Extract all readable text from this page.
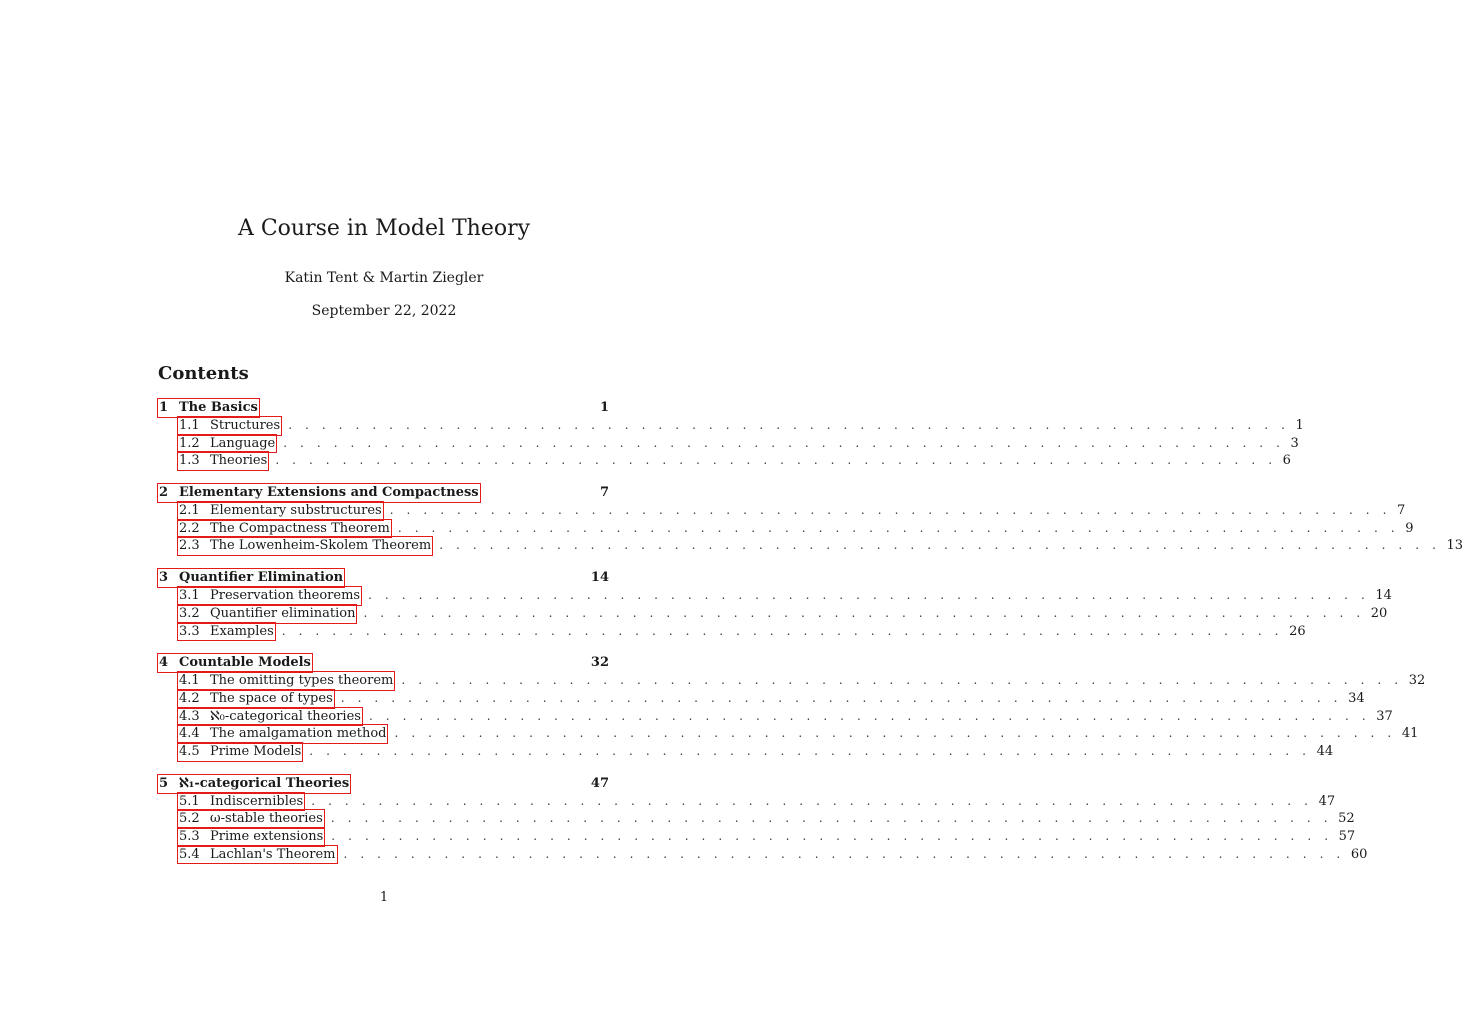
A Course in Model Theory
Katin Tent & Martin Ziegler
September 22, 2022
Contents
1 The Basics	1
1.1 Structures . . . . . . . . . . . . . . . . . . . . . . . . . . . . . . . . . . . . . . . . . . . . . . . . . . . . . . . . . . . . 1
1.2 Language . . . . . . . . . . . . . . . . . . . . . . . . . . . . . . . . . . . . . . . . . . . . . . . . . . . . . . . . . . . . 3
1.3 Theories . . . . . . . . . . . . . . . . . . . . . . . . . . . . . . . . . . . . . . . . . . . . . . . . . . . . . . . . . . . . 6
2 Elementary Extensions and Compactness	7
2.1 Elementary substructures . . . . . . . . . . . . . . . . . . . . . . . . . . . . . . . . . . . . . . . . . . . . . . . . . . . . . . . . . . . . 7
2.2 The Compactness Theorem . . . . . . . . . . . . . . . . . . . . . . . . . . . . . . . . . . . . . . . . . . . . . . . . . . . . . . . . . . . . 9
2.3 The Lowenheim-Skolem Theorem . . . . . . . . . . . . . . . . . . . . . . . . . . . . . . . . . . . . . . . . . . . . . . . . . . . . . . . . . . . . 13
3 Quantifier Elimination	14
3.1 Preservation theorems . . . . . . . . . . . . . . . . . . . . . . . . . . . . . . . . . . . . . . . . . . . . . . . . . . . . . . . . . . . . 14
3.2 Quantifier elimination . . . . . . . . . . . . . . . . . . . . . . . . . . . . . . . . . . . . . . . . . . . . . . . . . . . . . . . . . . . . 20
3.3 Examples . . . . . . . . . . . . . . . . . . . . . . . . . . . . . . . . . . . . . . . . . . . . . . . . . . . . . . . . . . . . 26
4 Countable Models	32
4.1 The omitting types theorem . . . . . . . . . . . . . . . . . . . . . . . . . . . . . . . . . . . . . . . . . . . . . . . . . . . . . . . . . . . . 32
4.2 The space of types . . . . . . . . . . . . . . . . . . . . . . . . . . . . . . . . . . . . . . . . . . . . . . . . . . . . . . . . . . . . 34
4.3 ℵ₀-categorical theories . . . . . . . . . . . . . . . . . . . . . . . . . . . . . . . . . . . . . . . . . . . . . . . . . . . . . . . . . . . . 37
4.4 The amalgamation method . . . . . . . . . . . . . . . . . . . . . . . . . . . . . . . . . . . . . . . . . . . . . . . . . . . . . . . . . . . . 41
4.5 Prime Models . . . . . . . . . . . . . . . . . . . . . . . . . . . . . . . . . . . . . . . . . . . . . . . . . . . . . . . . . . . . 44
5 ℵ₁-categorical Theories	47
5.1 Indiscernibles . . . . . . . . . . . . . . . . . . . . . . . . . . . . . . . . . . . . . . . . . . . . . . . . . . . . . . . . . . . . 47
5.2 ω-stable theories . . . . . . . . . . . . . . . . . . . . . . . . . . . . . . . . . . . . . . . . . . . . . . . . . . . . . . . . . . . . 52
5.3 Prime extensions . . . . . . . . . . . . . . . . . . . . . . . . . . . . . . . . . . . . . . . . . . . . . . . . . . . . . . . . . . . . 57
5.4 Lachlan's Theorem . . . . . . . . . . . . . . . . . . . . . . . . . . . . . . . . . . . . . . . . . . . . . . . . . . . . . . . . . . . . 60
1
